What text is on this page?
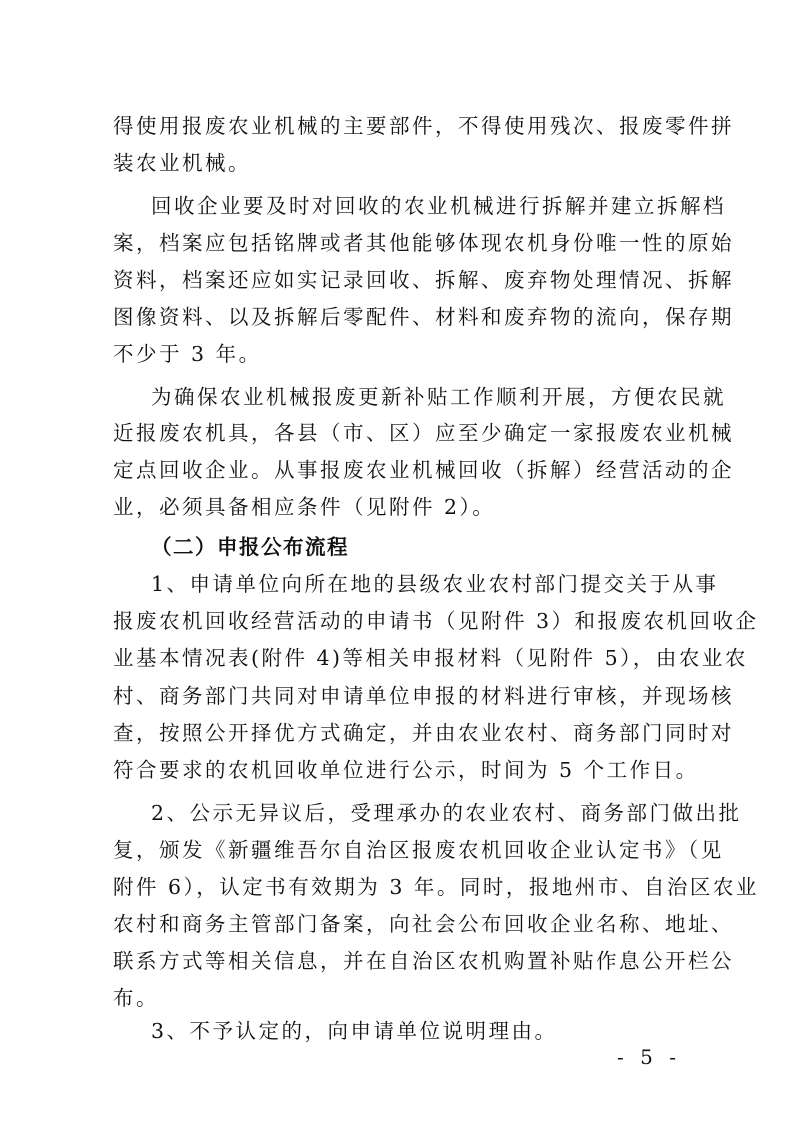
得使用报废农业机械的主要部件，不得使用残次、报废零件拼
装农业机械。
回收企业要及时对回收的农业机械进行拆解并建立拆解档
案，档案应包括铭牌或者其他能够体现农机身份唯一性的原始
资料，档案还应如实记录回收、拆解、废弃物处理情况、拆解
图像资料、以及拆解后零配件、材料和废弃物的流向，保存期
不少于 3 年。
为确保农业机械报废更新补贴工作顺利开展，方便农民就
近报废农机具，各县（市、区）应至少确定一家报废农业机械
定点回收企业。从事报废农业机械回收（拆解）经营活动的企
业，必须具备相应条件（见附件 2）。
（二）申报公布流程
1、申请单位向所在地的县级农业农村部门提交关于从事
报废农机回收经营活动的申请书（见附件 3）和报废农机回收企
业基本情况表(附件 4)等相关申报材料（见附件 5），由农业农
村、商务部门共同对申请单位申报的材料进行审核，并现场核
查，按照公开择优方式确定，并由农业农村、商务部门同时对
符合要求的农机回收单位进行公示，时间为 5 个工作日。
2、公示无异议后，受理承办的农业农村、商务部门做出批
复，颁发《新疆维吾尔自治区报废农机回收企业认定书》（见
附件 6），认定书有效期为 3 年。同时，报地州市、自治区农业
农村和商务主管部门备案，向社会公布回收企业名称、地址、
联系方式等相关信息，并在自治区农机购置补贴作息公开栏公
布。
3、不予认定的，向申请单位说明理由。
- 5 -
